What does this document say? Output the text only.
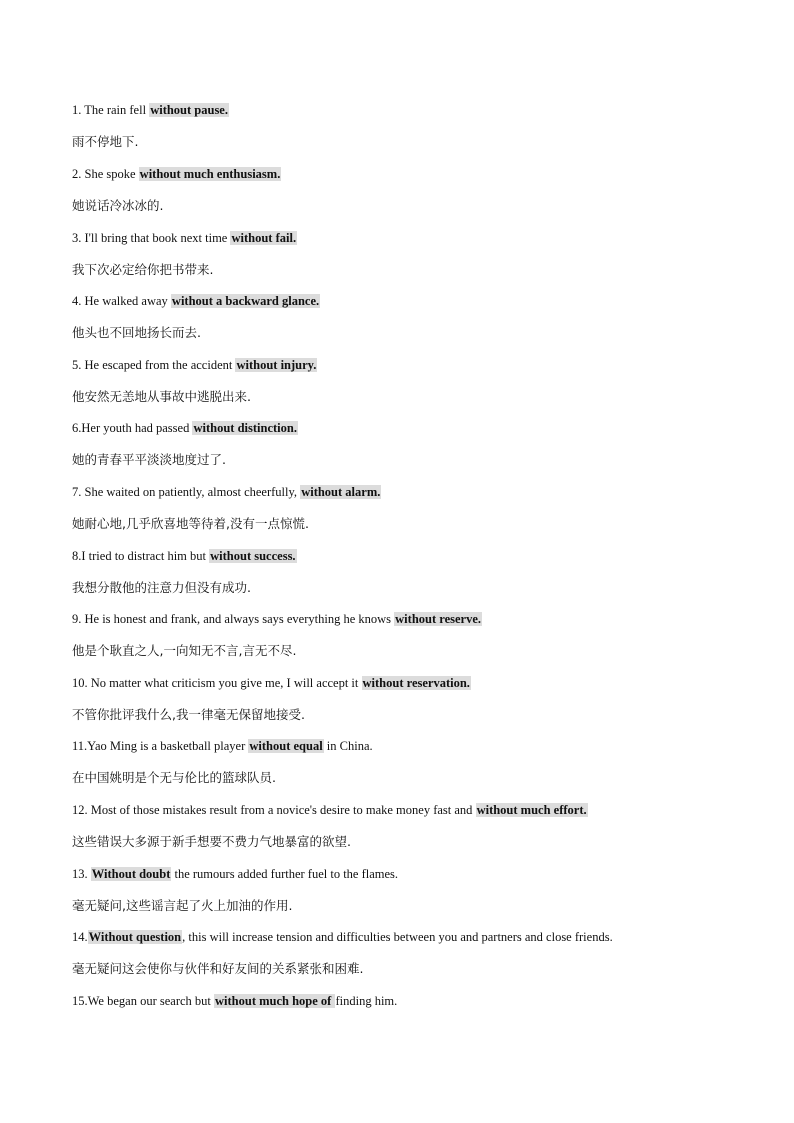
1. The rain fell without pause.
雨不停地下.
2. She spoke without much enthusiasm.
她说话冷冰冰的.
3. I'll bring that book next time without fail.
我下次必定给你把书带来.
4. He walked away without a backward glance.
他头也不回地扬长而去.
5. He escaped from the accident without injury.
他安然无恙地从事故中逃脱出来.
6.Her youth had passed without distinction.
她的青春平平淡淡地度过了.
7. She waited on patiently, almost cheerfully, without alarm.
她耐心地,几乎欣喜地等待着,没有一点惊慌.
8.I tried to distract him but without success.
我想分散他的注意力但没有成功.
9. He is honest and frank, and always says everything he knows without reserve.
他是个耿直之人,一向知无不言,言无不尽.
10. No matter what criticism you give me, I will accept it without reservation.
不管你批评我什么,我一律毫无保留地接受.
11.Yao Ming is a basketball player without equal in China.
在中国姚明是个无与伦比的篮球队员.
12. Most of those mistakes result from a novice's desire to make money fast and without much effort.
这些错误大多源于新手想要不费力气地暴富的欲望.
13. Without doubt the rumours added further fuel to the flames.
毫无疑问,这些谣言起了火上加油的作用.
14.Without question, this will increase tension and difficulties between you and partners and close friends.
毫无疑问这会使你与伙伴和好友间的关系紧张和困难.
15.We began our search but without much hope of finding him.
